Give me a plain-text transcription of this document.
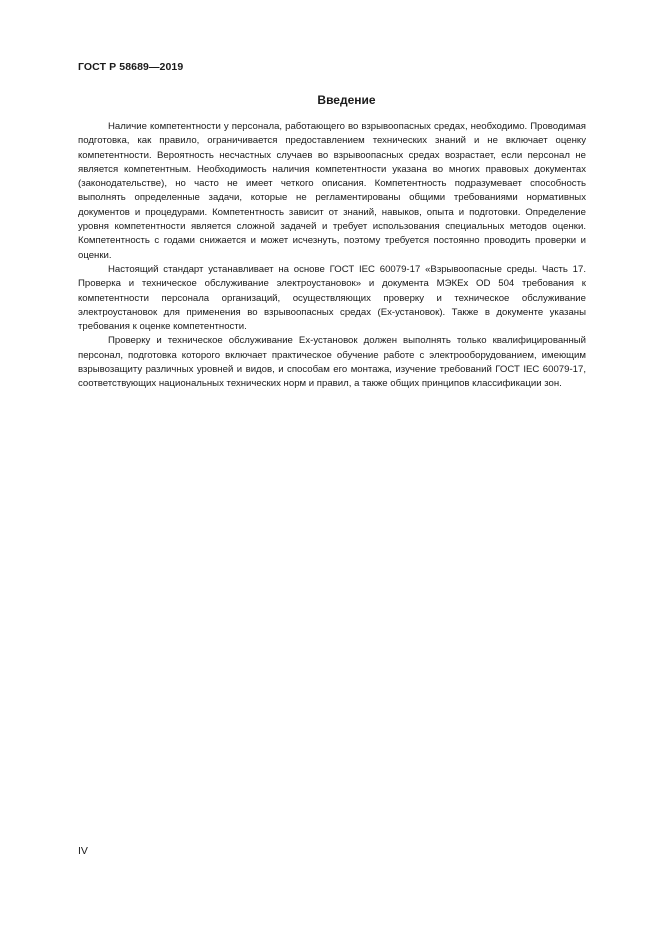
ГОСТ Р 58689—2019
Введение

Наличие компетентности у персонала, работающего во взрывоопасных средах, необходимо. Проводимая подготовка, как правило, ограничивается предоставлением технических знаний и не включает оценку компетентности. Вероятность несчастных случаев во взрывоопасных средах возрастает, если персонал не является компетентным. Необходимость наличия компетентности указана во многих правовых документах (законодательстве), но часто не имеет четкого описания. Компетентность подразумевает способность выполнять определенные задачи, которые не регламентированы общими требованиями нормативных документов и процедурами. Компетентность зависит от знаний, навыков, опыта и подготовки. Определение уровня компетентности является сложной задачей и требует использования специальных методов оценки. Компетентность с годами снижается и может исчезнуть, поэтому требуется постоянно проводить проверки и оценки.

Настоящий стандарт устанавливает на основе ГОСТ IEC 60079-17 «Взрывоопасные среды. Часть 17. Проверка и техническое обслуживание электроустановок» и документа МЭКЕх OD 504 требования к компетентности персонала организаций, осуществляющих проверку и техническое обслуживание электроустановок для применения во взрывоопасных средах (Ex-установок). Также в документе указаны требования к оценке компетентности.

Проверку и техническое обслуживание Ex-установок должен выполнять только квалифицированный персонал, подготовка которого включает практическое обучение работе с электрооборудованием, имеющим взрывозащиту различных уровней и видов, и способам его монтажа, изучение требований ГОСТ IEC 60079-17, соответствующих национальных технических норм и правил, а также общих принципов классификации зон.

IV
